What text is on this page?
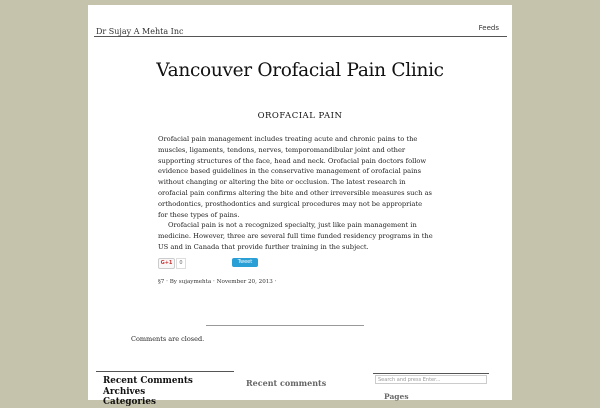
Dr Sujay A Mehta Inc	Feeds
Vancouver Orofacial Pain Clinic
OROFACIAL PAIN

Orofacial pain management includes treating acute and chronic pains to the muscles, ligaments, tendons, nerves, temporomandibular joint and other supporting structures of the face, head and neck. Orofacial pain doctors follow evidence based guidelines in the conservative management of orofacial pains without changing or altering the bite or occlusion. The latest research in orofacial pain confirms altering the bite and other irreversible measures such as orthodontics, prosthodontics and surgical procedures may not be appropriate for these types of pains.

Orofacial pain is not a recognized specialty, just like pain management in medicine. However, three are several full time funded residency programs in the US and in Canada that provide further training in the subject.

G+1	0	Tweet
§7 · By sujaymehta · November 20, 2013 ·
Comments are closed.
Recent Comments
Archives
Categories
Recent comments	Search and press Enter...
Pages
